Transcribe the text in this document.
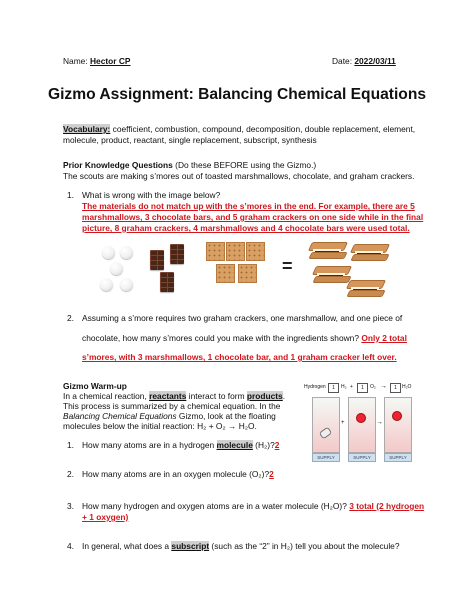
Name: Hector CP	Date: 2022/03/11
Gizmo Assignment: Balancing Chemical Equations
Vocabulary: coefficient, combustion, compound, decomposition, double replacement, element,
molecule, product, reactant, single replacement, subscript, synthesis
Prior Knowledge Questions (Do these BEFORE using the Gizmo.)
The scouts are making s’mores out of toasted marshmallows, chocolate, and graham crackers.
1. What is wrong with the image below?
The materials do not match up with the s’mores in the end. For example, there are 5
marshmallows, 3 chocolate bars, and 5 graham crackers on one side while in the final
picture, 8 graham crackers, 4 marshmallows and 4 chocolate bars were used total.
=
2. Assuming a s’more requires two graham crackers, one marshmallow, and one piece of
chocolate, how many s’mores could you make with the ingredients shown? Only 2 total
s’mores, with 3 marshmallows, 1 chocolate bar, and 1 graham cracker left over.
Gizmo Warm-up
In a chemical reaction, reactants interact to form products.
This process is summarized by a chemical equation. In the
Balancing Chemical Equations Gizmo, look at the floating
molecules below the initial reaction: H₂ + O₂ → H₂O.
1. How many atoms are in a hydrogen molecule (H₂)?2
2. How many atoms are in an oxygen molecule (O₂)?2
3. How many hydrogen and oxygen atoms are in a water molecule (H₂O)? 3 total (2 hydrogen
+ 1 oxygen)
4. In general, what does a subscript (such as the “2” in H₂) tell you about the molecule?
Hydrogen	1	H₂ +	1	O₂ →	1	H₂O
+	→
SUPPLY	SUPPLY	SUPPLY
